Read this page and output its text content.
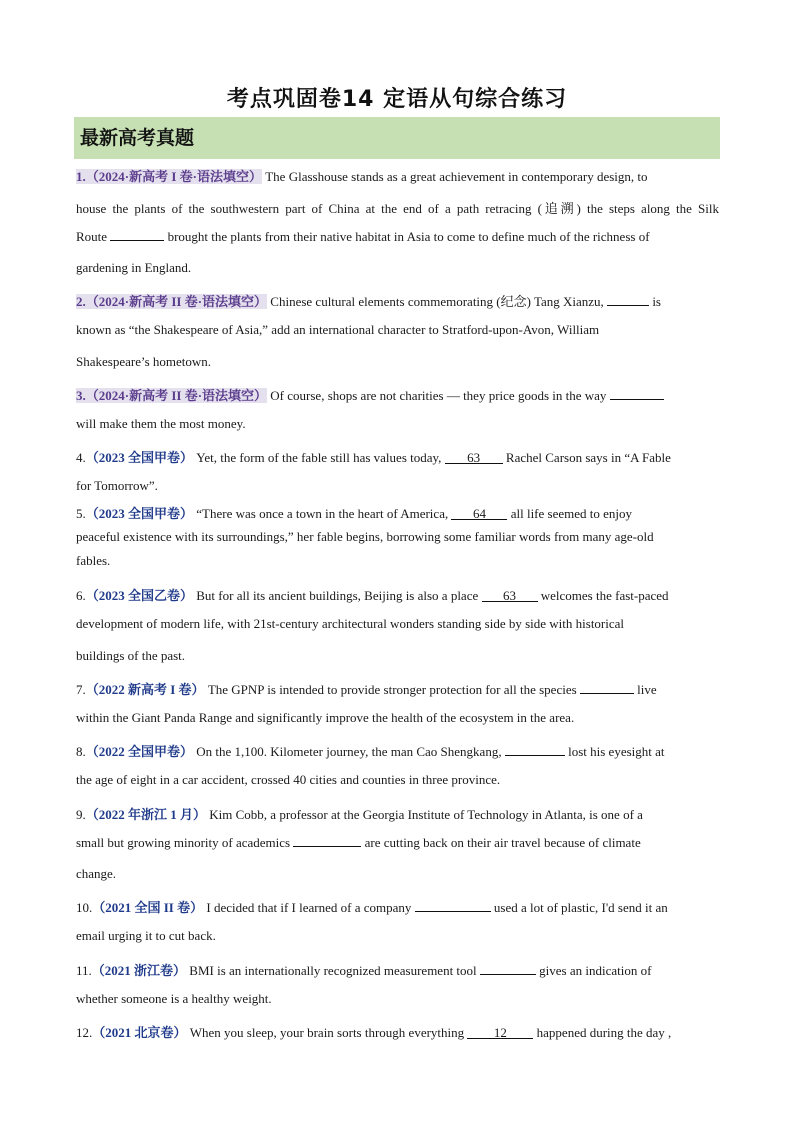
考点巩固卷14 定语从句综合练习
最新高考真题
1.（2024·新高考 I 卷·语法填空） The Glasshouse stands as a great achievement in contemporary design, to
house the plants of the southwestern part of China at the end of a path retracing (追溯) the steps along the Silk
Route	brought the plants from their native habitat in Asia to come to define much of the richness of
gardening in England.
2.（2024·新高考 II 卷·语法填空） Chinese cultural elements commemorating (纪念) Tang Xianzu,	is
known as “the Shakespeare of Asia,” add an international character to Stratford-upon-Avon, William
Shakespeare’s hometown.
3.（2024·新高考 II 卷·语法填空） Of course, shops are not charities — they price goods in the way
will make them the most money.
4.（2023 全国甲卷） Yet, the form of the fable still has values today, 63 Rachel Carson says in “A Fable
for Tomorrow”.
5.（2023 全国甲卷） “There was once a town in the heart of America, 64 all life seemed to enjoy
peaceful existence with its surroundings,” her fable begins, borrowing some familiar words from many age-old
fables.
6.（2023 全国乙卷） But for all its ancient buildings, Beijing is also a place 63 welcomes the fast-paced
development of modern life, with 21st-century architectural wonders standing side by side with historical
buildings of the past.
7.（2022 新高考 I 卷） The GPNP is intended to provide stronger protection for all the species	live
within the Giant Panda Range and significantly improve the health of the ecosystem in the area.
8.（2022 全国甲卷） On the 1,100. Kilometer journey, the man Cao Shengkang,	lost his eyesight at
the age of eight in a car accident, crossed 40 cities and counties in three province.
9.（2022 年浙江 1 月） Kim Cobb, a professor at the Georgia Institute of Technology in Atlanta, is one of a
small but growing minority of academics	are cutting back on their air travel because of climate
change.
10.（2021 全国 II 卷） I decided that if I learned of a company	used a lot of plastic, I'd send it an
email urging it to cut back.
11.（2021 浙江卷） BMI is an internationally recognized measurement tool	gives an indication of
whether someone is a healthy weight.
12.（2021 北京卷） When you sleep, your brain sorts through everything 12 happened during the day ,
